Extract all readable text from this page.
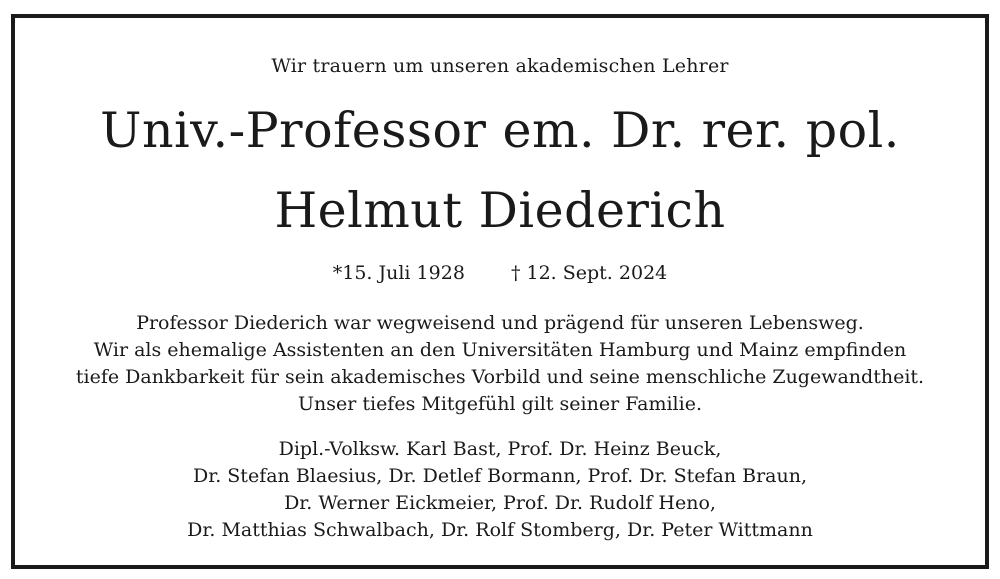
Wir trauern um unseren akademischen Lehrer
Univ.-Professor em. Dr. rer. pol.
Helmut Diederich
*15. Juli 1928 † 12. Sept. 2024
Professor Diederich war wegweisend und prägend für unseren Lebensweg.
Wir als ehemalige Assistenten an den Universitäten Hamburg und Mainz empfinden
tiefe Dankbarkeit für sein akademisches Vorbild und seine menschliche Zugewandtheit.
Unser tiefes Mitgefühl gilt seiner Familie.
Dipl.-Volksw. Karl Bast, Prof. Dr. Heinz Beuck,
Dr. Stefan Blaesius, Dr. Detlef Bormann, Prof. Dr. Stefan Braun,
Dr. Werner Eickmeier, Prof. Dr. Rudolf Heno,
Dr. Matthias Schwalbach, Dr. Rolf Stomberg, Dr. Peter Wittmann
